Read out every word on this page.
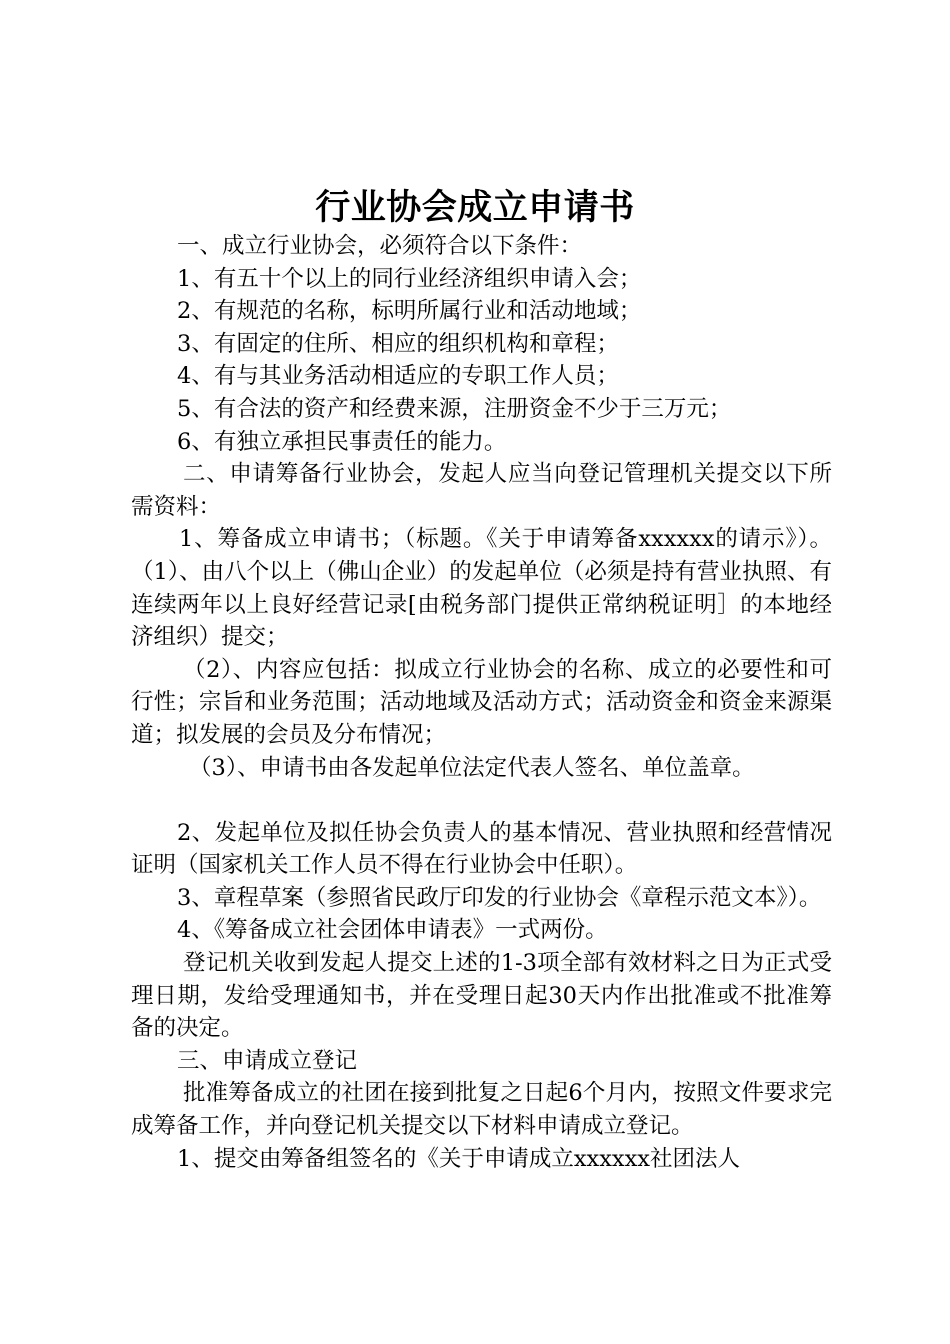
行业协会成立申请书

一、成立行业协会，必须符合以下条件：

1、有五十个以上的同行业经济组织申请入会；

2、有规范的名称，标明所属行业和活动地域；

3、有固定的住所、相应的组织机构和章程；

4、有与其业务活动相适应的专职工作人员；

5、有合法的资产和经费来源，注册资金不少于三万元；

6、有独立承担民事责任的能力。

二、申请筹备行业协会，发起人应当向登记管理机关提交以下所需资料：

1、筹备成立申请书；（标题。《关于申请筹备xxxxxx的请示》）。（1）、由八个以上（佛山企业）的发起单位（必须是持有营业执照、有连续两年以上良好经营记录[由税务部门提供正常纳税证明］的本地经济组织）提交；

（2）、内容应包括：拟成立行业协会的名称、成立的必要性和可行性；宗旨和业务范围；活动地域及活动方式；活动资金和资金来源渠道；拟发展的会员及分布情况；

（3）、申请书由各发起单位法定代表人签名、单位盖章。

2、发起单位及拟任协会负责人的基本情况、营业执照和经营情况证明（国家机关工作人员不得在行业协会中任职）。

3、章程草案（参照省民政厅印发的行业协会《章程示范文本》）。

4、《筹备成立社会团体申请表》一式两份。

登记机关收到发起人提交上述的1-3项全部有效材料之日为正式受理日期，发给受理通知书，并在受理日起30天内作出批准或不批准筹备的决定。

三、申请成立登记

批准筹备成立的社团在接到批复之日起6个月内，按照文件要求完成筹备工作，并向登记机关提交以下材料申请成立登记。

1、提交由筹备组签名的《关于申请成立xxxxxx社团法人
